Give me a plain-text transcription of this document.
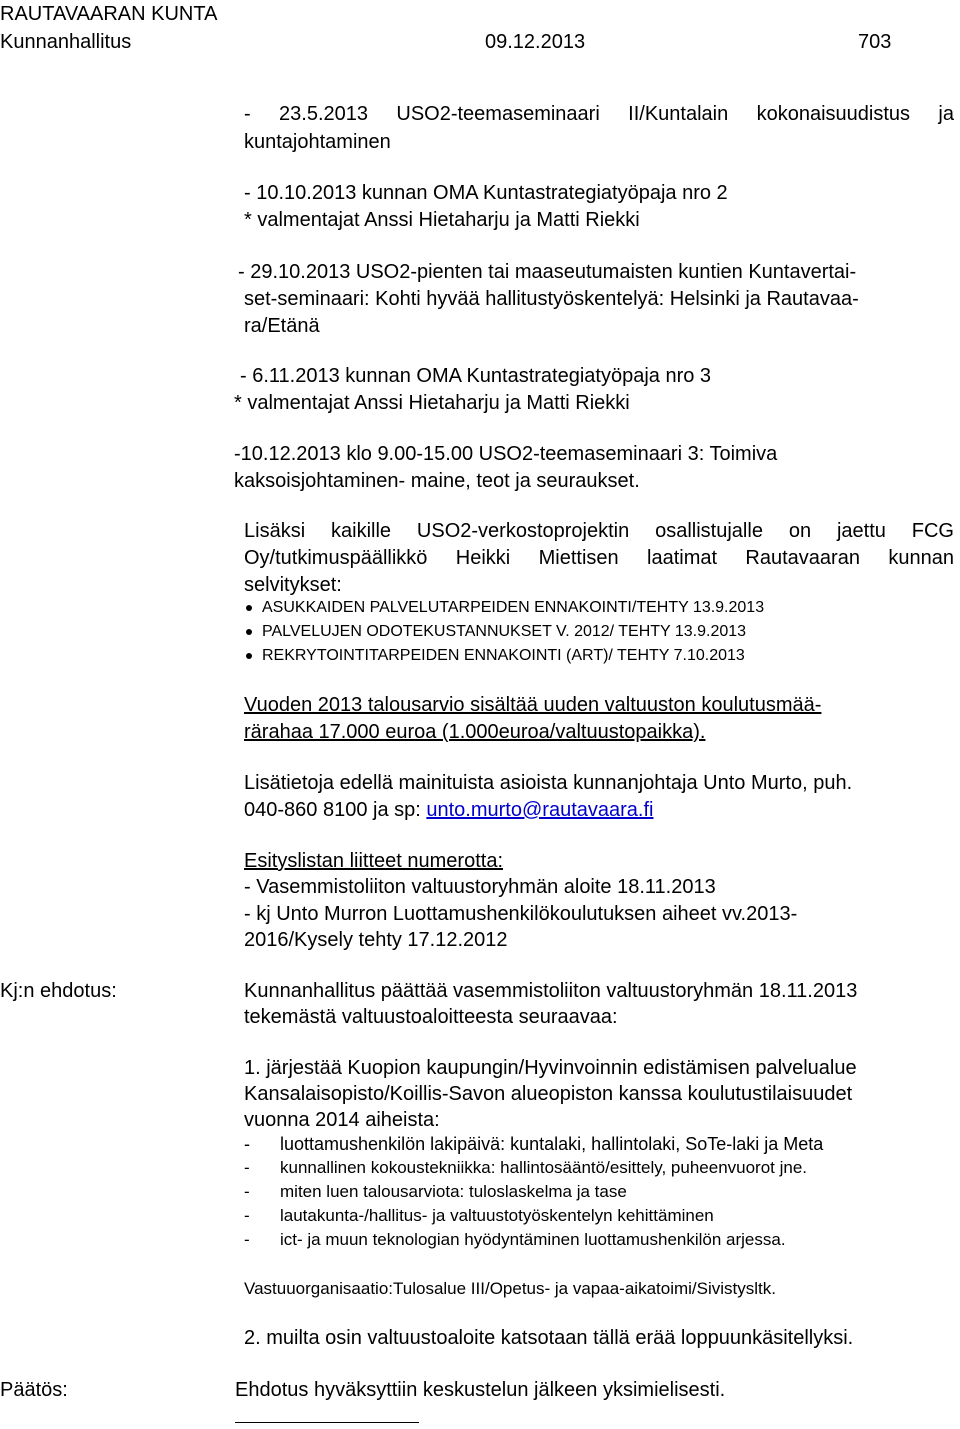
RAUTAVAARAN KUNTA
Kunnanhallitus	09.12.2013	703
- 23.5.2013 USO2-teemaseminaari II/Kuntalain kokonaisuudistus ja
kuntajohtaminen
- 10.10.2013 kunnan OMA Kuntastrategiatyöpaja nro 2
* valmentajat Anssi Hietaharju ja Matti Riekki
- 29.10.2013 USO2-pienten tai maaseutumaisten kuntien Kuntavertai-
set-seminaari: Kohti hyvää hallitustyöskentelyä: Helsinki ja Rautavaa-
ra/Etänä
- 6.11.2013 kunnan OMA Kuntastrategiatyöpaja nro 3
* valmentajat Anssi Hietaharju ja Matti Riekki
-10.12.2013 klo 9.00-15.00 USO2-teemaseminaari 3: Toimiva
kaksoisjohtaminen- maine, teot ja seuraukset.
Lisäksi kaikille USO2-verkostoprojektin osallistujalle on jaettu FCG
Oy/tutkimuspäällikkö Heikki Miettisen laatimat Rautavaaran kunnan
selvitykset:
ASUKKAIDEN PALVELUTARPEIDEN ENNAKOINTI/TEHTY 13.9.2013
PALVELUJEN ODOTEKUSTANNUKSET V. 2012/ TEHTY 13.9.2013
REKRYTOINTITARPEIDEN ENNAKOINTI (ART)/ TEHTY 7.10.2013
Vuoden 2013 talousarvio sisältää uuden valtuuston koulutusmää-
rärahaa 17.000 euroa (1.000euroa/valtuustopaikka).
Lisätietoja edellä mainituista asioista kunnanjohtaja Unto Murto, puh.
040-860 8100 ja sp: unto.murto@rautavaara.fi
Esityslistan liitteet numerotta:
- Vasemmistoliiton valtuustoryhmän aloite 18.11.2013
- kj Unto Murron Luottamushenkilökoulutuksen aiheet vv.2013-
2016/Kysely tehty 17.12.2012
Kj:n ehdotus:	Kunnanhallitus päättää vasemmistoliiton valtuustoryhmän 18.11.2013
tekemästä valtuustoaloitteesta seuraavaa:
1. järjestää Kuopion kaupungin/Hyvinvoinnin edistämisen palvelualue
Kansalaisopisto/Koillis-Savon alueopiston kanssa koulutustilaisuudet
vuonna 2014 aiheista:
- luottamushenkilön lakipäivä: kuntalaki, hallintolaki, SoTe-laki ja Meta
- kunnallinen kokoustekniikka: hallintosääntö/esittely, puheenvuorot jne.
- miten luen talousarviota: tuloslaskelma ja tase
- lautakunta-/hallitus- ja valtuustotyöskentelyn kehittäminen
- ict- ja muun teknologian hyödyntäminen luottamushenkilön arjessa.
Vastuuorganisaatio:Tulosalue III/Opetus- ja vapaa-aikatoimi/Sivistysltk.
2. muilta osin valtuustoaloite katsotaan tällä erää loppuunkäsitellyksi.
Päätös:	Ehdotus hyväksyttiin keskustelun jälkeen yksimielisesti.
